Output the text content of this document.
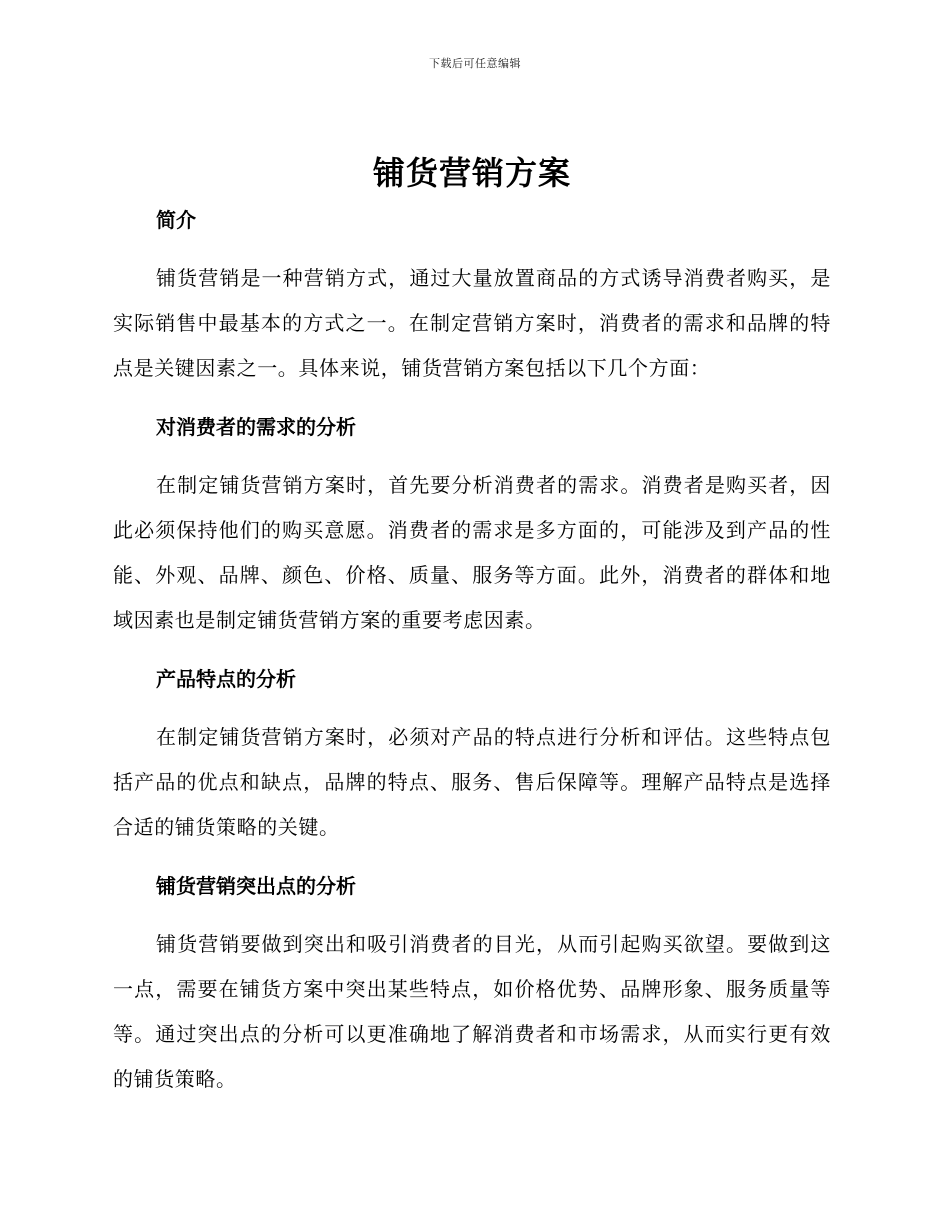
下载后可任意编辑
铺货营销方案
简介

铺货营销是一种营销方式，通过大量放置商品的方式诱导消费者购买，是实际销售中最基本的方式之一。在制定营销方案时，消费者的需求和品牌的特点是关键因素之一。具体来说，铺货营销方案包括以下几个方面：

对消费者的需求的分析

在制定铺货营销方案时，首先要分析消费者的需求。消费者是购买者，因此必须保持他们的购买意愿。消费者的需求是多方面的，可能涉及到产品的性能、外观、品牌、颜色、价格、质量、服务等方面。此外，消费者的群体和地域因素也是制定铺货营销方案的重要考虑因素。

产品特点的分析

在制定铺货营销方案时，必须对产品的特点进行分析和评估。这些特点包括产品的优点和缺点，品牌的特点、服务、售后保障等。理解产品特点是选择合适的铺货策略的关键。

铺货营销突出点的分析

铺货营销要做到突出和吸引消费者的目光，从而引起购买欲望。要做到这一点，需要在铺货方案中突出某些特点，如价格优势、品牌形象、服务质量等等。通过突出点的分析可以更准确地了解消费者和市场需求，从而实行更有效的铺货策略。
